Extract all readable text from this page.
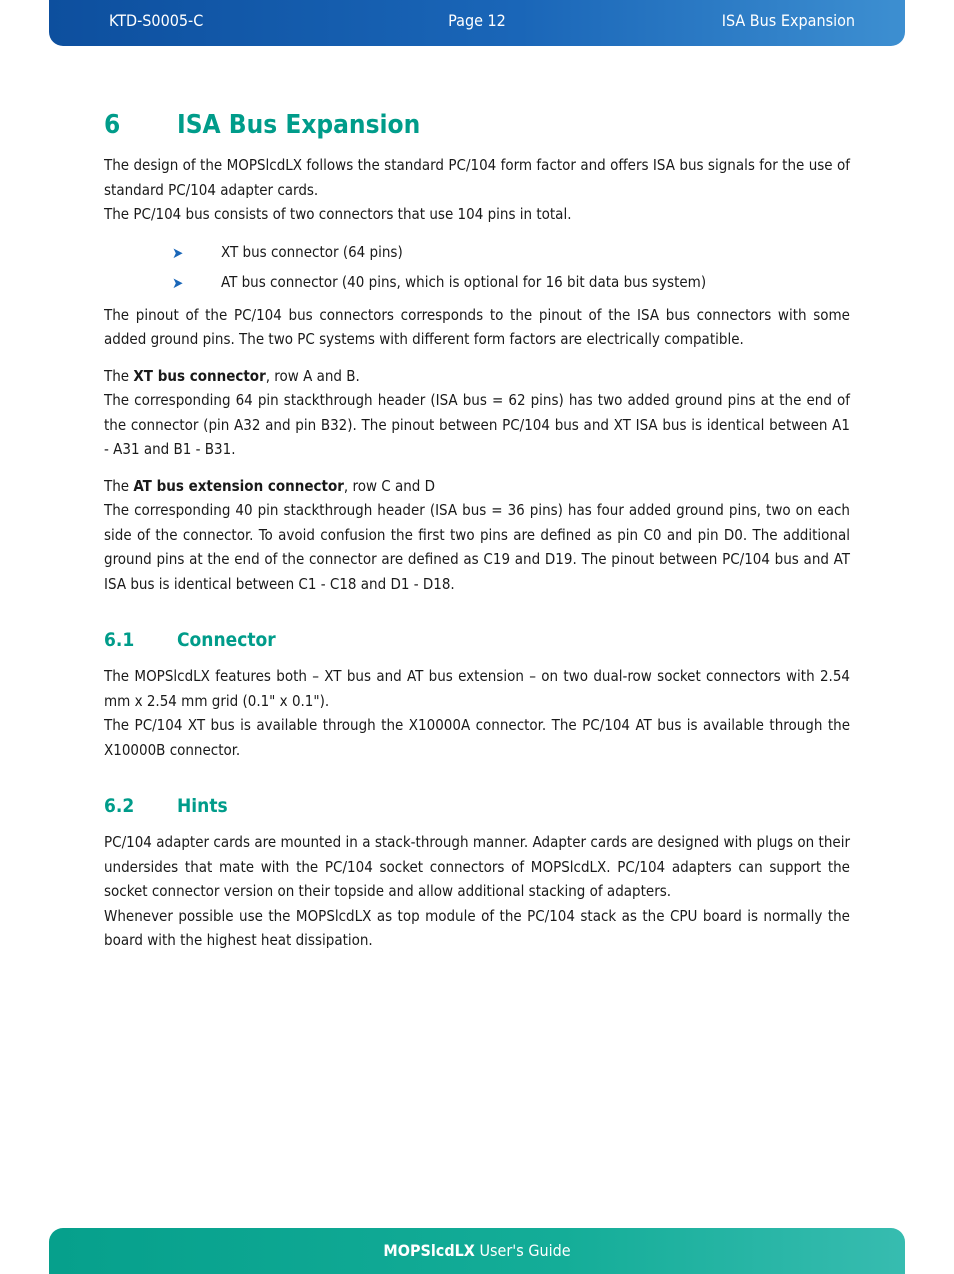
KTD-S0005-C	Page 12	ISA Bus Expansion
6 ISA Bus Expansion

The design of the MOPSlcdLX follows the standard PC/104 form factor and offers ISA bus signals for the use of standard PC/104 adapter cards.

The PC/104 bus consists of two connectors that use 104 pins in total.

➤	XT bus connector (64 pins)
➤	AT bus connector (40 pins, which is optional for 16 bit data bus system)

The pinout of the PC/104 bus connectors corresponds to the pinout of the ISA bus connectors with some added ground pins. The two PC systems with different form factors are electrically compatible.

The XT bus connector, row A and B.

The corresponding 64 pin stackthrough header (ISA bus = 62 pins) has two added ground pins at the end of the connector (pin A32 and pin B32). The pinout between PC/104 bus and XT ISA bus is identical between A1 - A31 and B1 - B31.

The AT bus extension connector, row C and D

The corresponding 40 pin stackthrough header (ISA bus = 36 pins) has four added ground pins, two on each side of the connector. To avoid confusion the first two pins are defined as pin C0 and pin D0. The additional ground pins at the end of the connector are defined as C19 and D19. The pinout between PC/104 bus and AT ISA bus is identical between C1 - C18 and D1 - D18.

6.1 Connector

The MOPSlcdLX features both – XT bus and AT bus extension – on two dual-row socket connectors with 2.54 mm x 2.54 mm grid (0.1" x 0.1").

The PC/104 XT bus is available through the X10000A connector. The PC/104 AT bus is available through the X10000B connector.

6.2 Hints

PC/104 adapter cards are mounted in a stack-through manner. Adapter cards are designed with plugs on their undersides that mate with the PC/104 socket connectors of MOPSlcdLX. PC/104 adapters can support the socket connector version on their topside and allow additional stacking of adapters.

Whenever possible use the MOPSlcdLX as top module of the PC/104 stack as the CPU board is normally the board with the highest heat dissipation.

MOPSlcdLX User's Guide
